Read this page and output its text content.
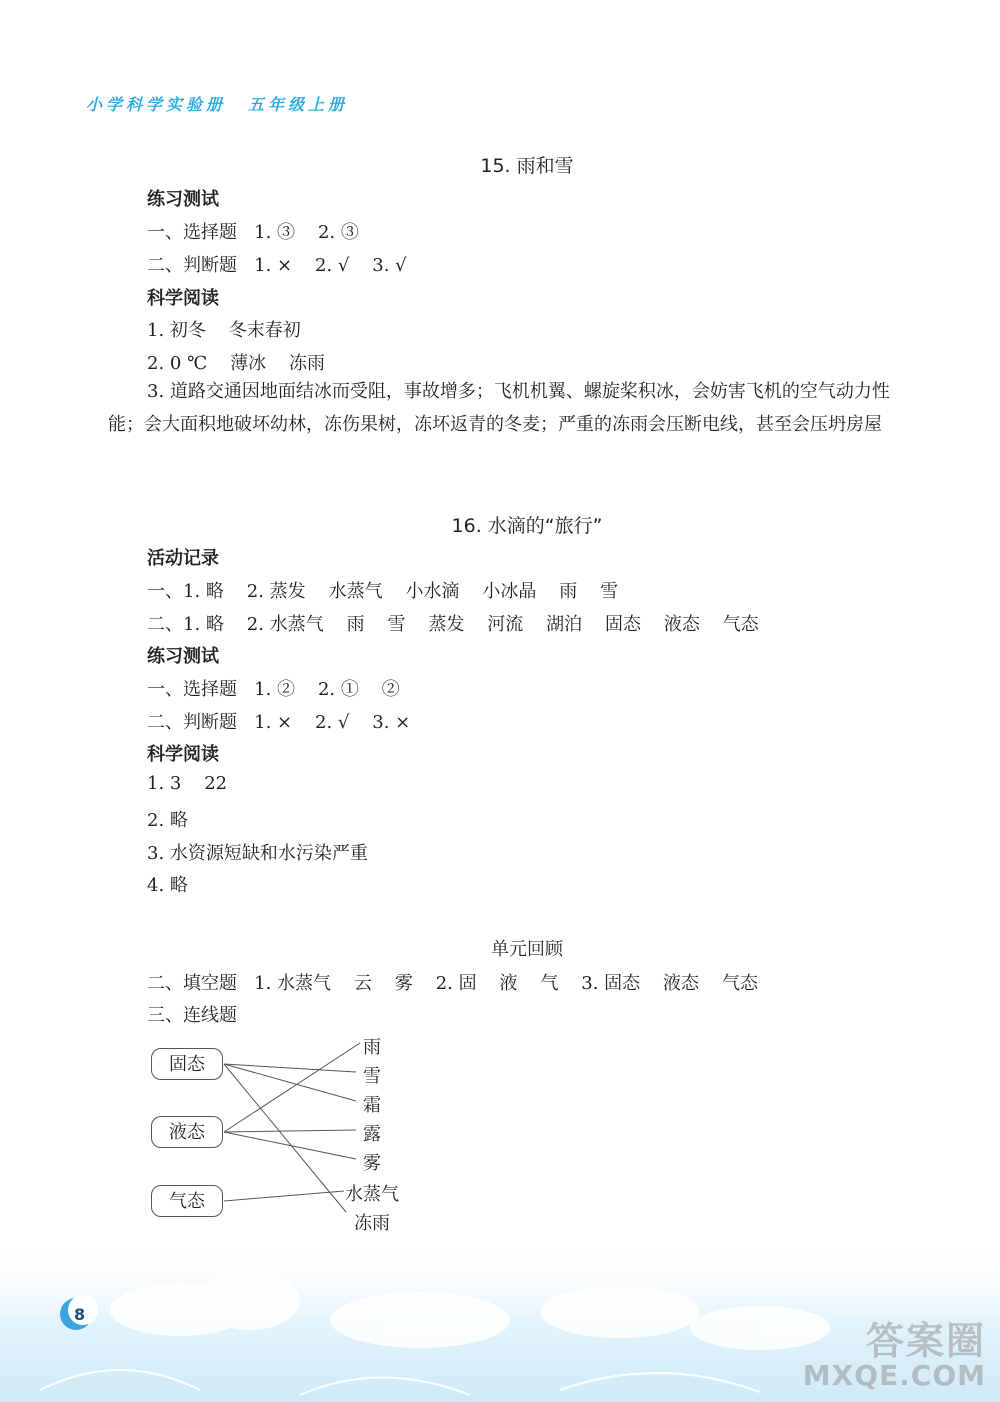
小学科学实验册 五年级上册
15. 雨和雪
练习测试
一、选择题   1. ③    2. ③
二、判断题   1. ×    2. √    3. √
科学阅读
1. 初冬    冬末春初
2. 0 ℃    薄冰    冻雨
3. 道路交通因地面结冰而受阻，事故增多；飞机机翼、螺旋桨积冰，会妨害飞机的空气动力性能；会大面积地破坏幼林，冻伤果树，冻坏返青的冬麦；严重的冻雨会压断电线，甚至会压坍房屋
16. 水滴的“旅行”
活动记录
一、1. 略    2. 蒸发    水蒸气    小水滴    小冰晶    雨    雪
二、1. 略    2. 水蒸气    雨    雪    蒸发    河流    湖泊    固态    液态    气态
练习测试
一、选择题   1. ②    2. ①    ②
二、判断题   1. ×    2. √    3. ×
科学阅读
1. 3    22
2. 略
3. 水资源短缺和水污染严重
4. 略
单元回顾
二、填空题   1. 水蒸气    云    雾    2. 固    液    气    3. 固态    液态    气态
三、连线题
固态
液态
气态
雨
雪
霜
露
雾
水蒸气
冻雨
8
答案圈
MXQE.COM
